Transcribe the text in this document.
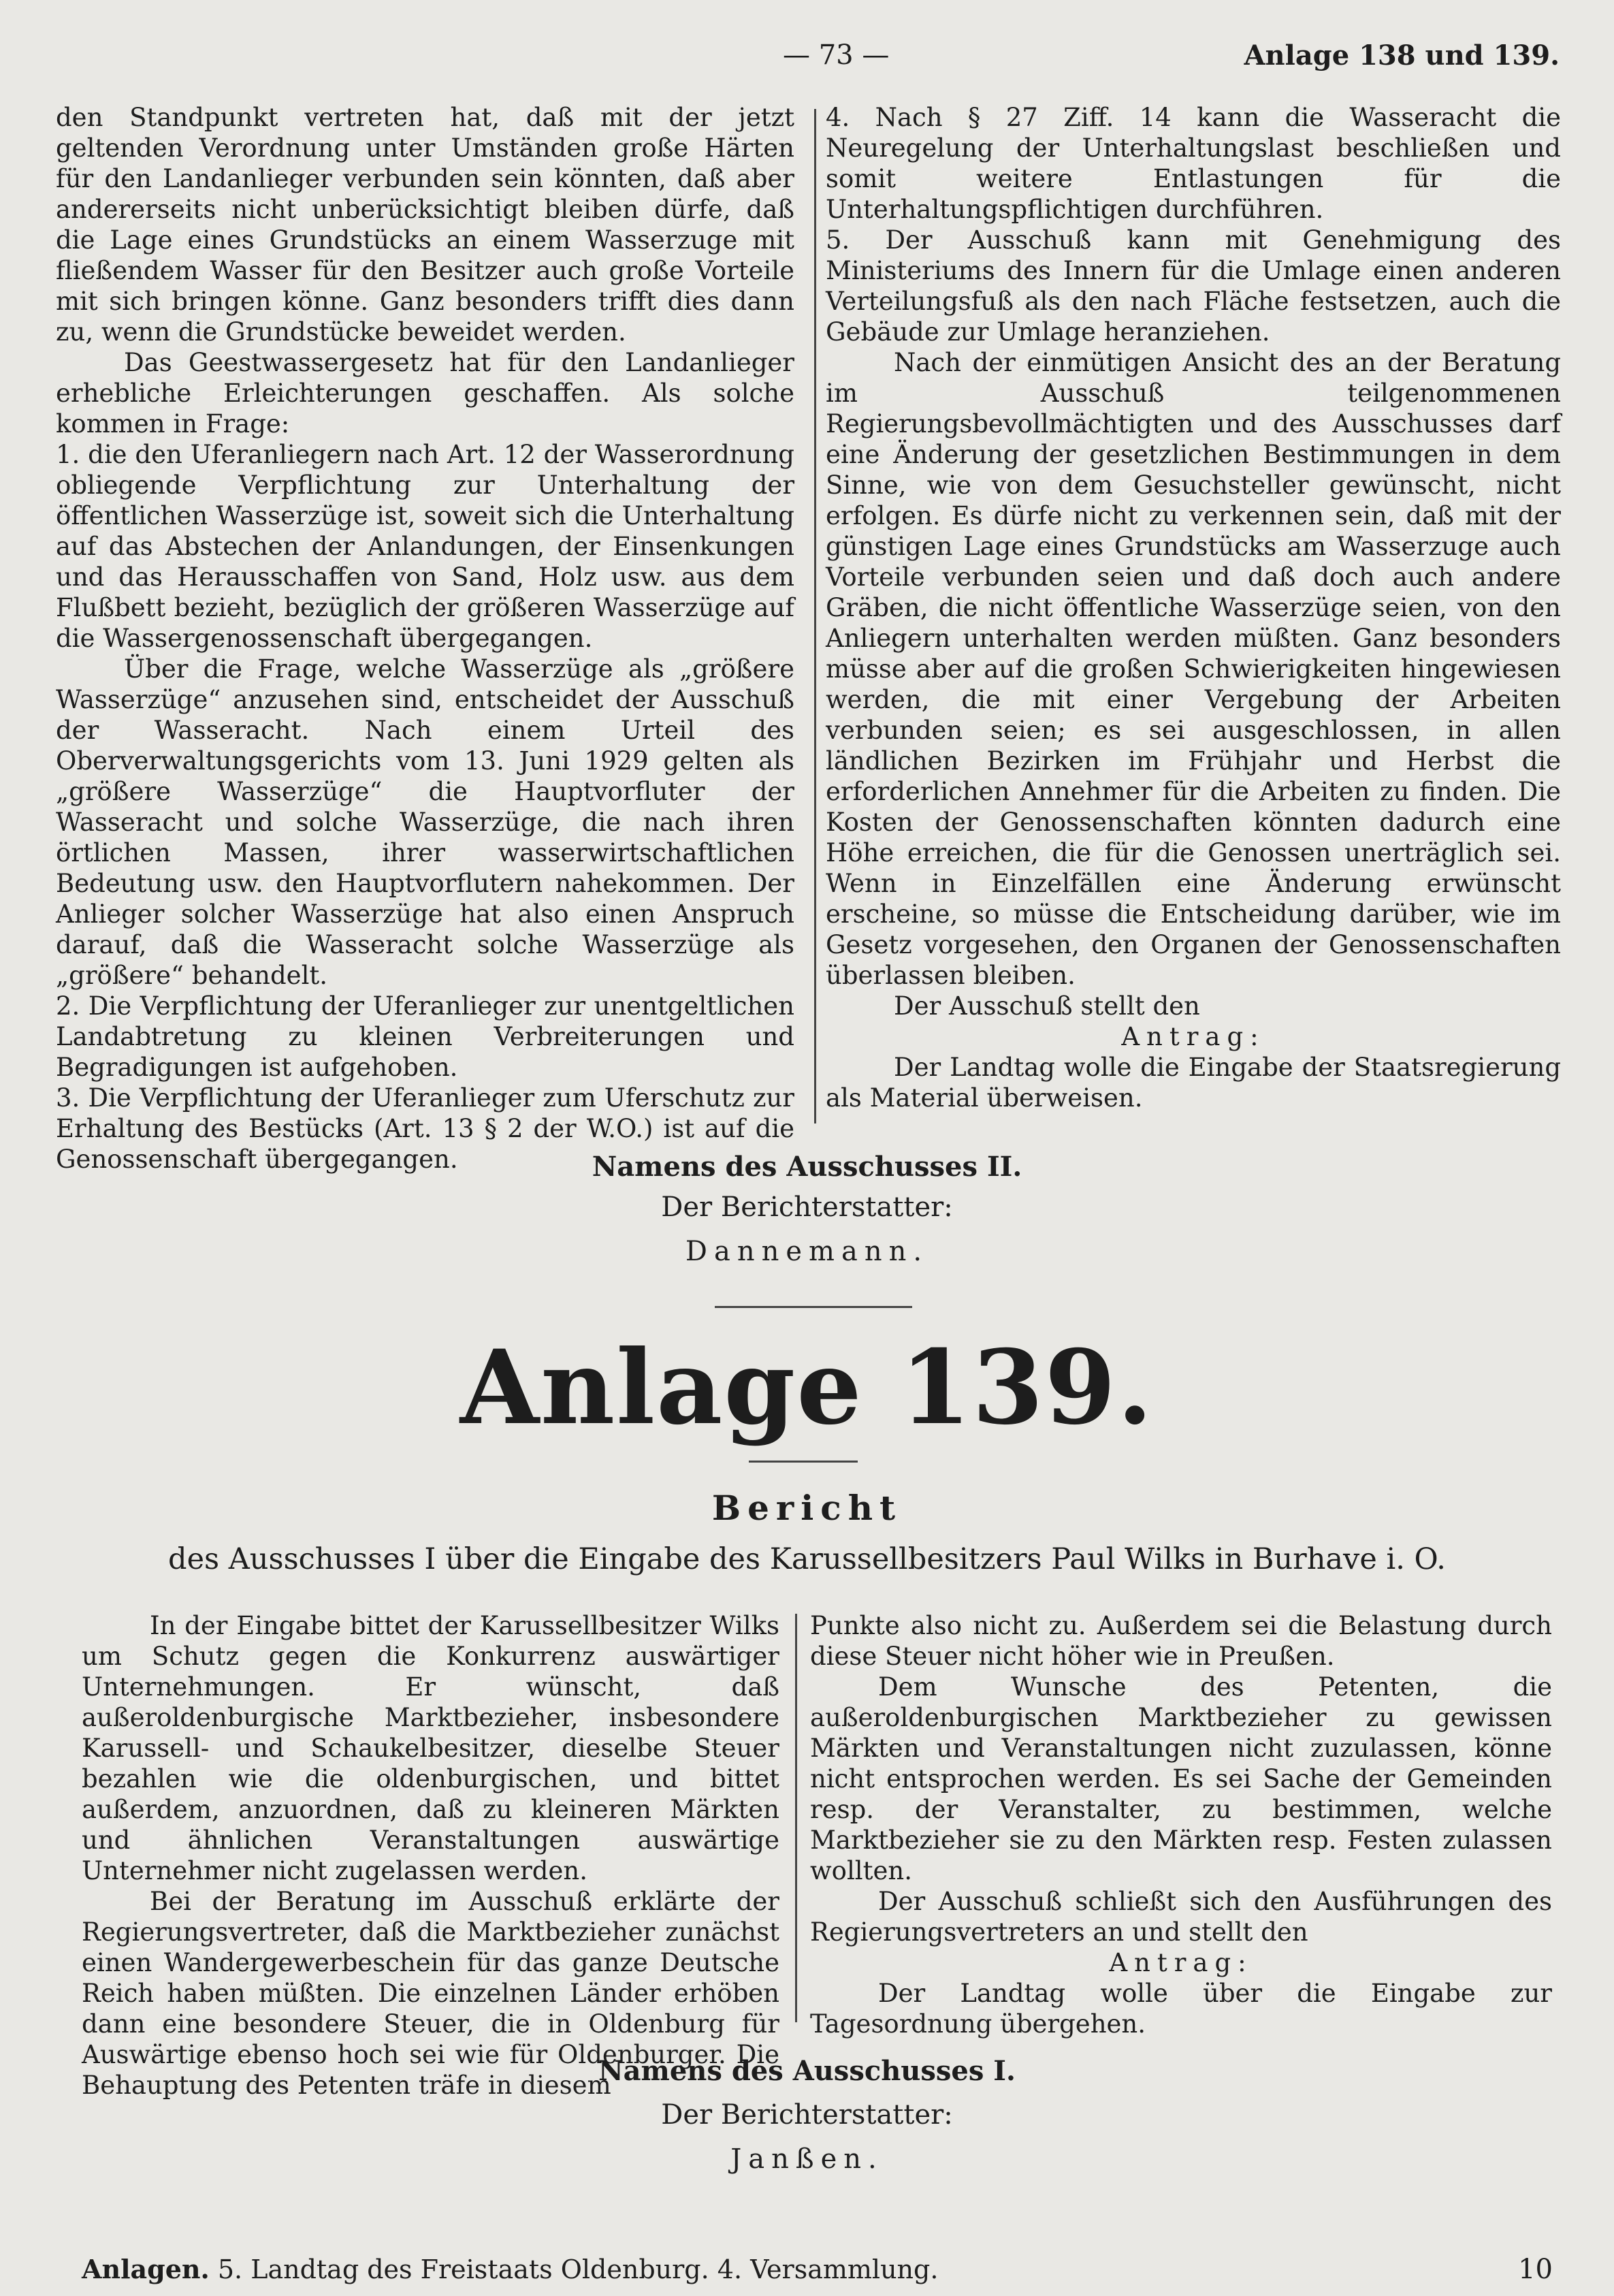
— 73 —	Anlage 138 und 139.

den Standpunkt vertreten hat, daß mit der jetzt geltenden Verordnung unter Umständen große Härten für den Landanlieger verbunden sein könnten, daß aber andererseits nicht unberücksichtigt bleiben dürfe, daß die Lage eines Grundstücks an einem Wasserzuge mit fließendem Wasser für den Besitzer auch große Vorteile mit sich bringen könne. Ganz besonders trifft dies dann zu, wenn die Grundstücke beweidet werden.

Das Geestwassergesetz hat für den Landanlieger erhebliche Erleichterungen geschaffen. Als solche kommen in Frage:

1. die den Uferanliegern nach Art. 12 der Wasserordnung obliegende Verpflichtung zur Unterhaltung der öffentlichen Wasserzüge ist, soweit sich die Unterhaltung auf das Abstechen der Anlandungen, der Einsenkungen und das Herausschaffen von Sand, Holz usw. aus dem Flußbett bezieht, bezüglich der größeren Wasserzüge auf die Wassergenossenschaft übergegangen.

Über die Frage, welche Wasserzüge als „größere Wasserzüge“ anzusehen sind, entscheidet der Ausschuß der Wasseracht. Nach einem Urteil des Oberverwaltungsgerichts vom 13. Juni 1929 gelten als „größere Wasserzüge“ die Hauptvorfluter der Wasseracht und solche Wasserzüge, die nach ihren örtlichen Massen, ihrer wasserwirtschaftlichen Bedeutung usw. den Hauptvorflutern nahekommen. Der Anlieger solcher Wasserzüge hat also einen Anspruch darauf, daß die Wasseracht solche Wasserzüge als „größere“ behandelt.

2. Die Verpflichtung der Uferanlieger zur unentgeltlichen Landabtretung zu kleinen Verbreiterungen und Begradigungen ist aufgehoben.

3. Die Verpflichtung der Uferanlieger zum Uferschutz zur Erhaltung des Bestücks (Art. 13 § 2 der W.O.) ist auf die Genossenschaft übergegangen.

4. Nach § 27 Ziff. 14 kann die Wasseracht die Neuregelung der Unterhaltungslast beschließen und somit weitere Entlastungen für die Unterhaltungspflichtigen durchführen.

5. Der Ausschuß kann mit Genehmigung des Ministeriums des Innern für die Umlage einen anderen Verteilungsfuß als den nach Fläche festsetzen, auch die Gebäude zur Umlage heranziehen.

Nach der einmütigen Ansicht des an der Beratung im Ausschuß teilgenommenen Regierungsbevollmächtigten und des Ausschusses darf eine Änderung der gesetzlichen Bestimmungen in dem Sinne, wie von dem Gesuchsteller gewünscht, nicht erfolgen. Es dürfe nicht zu verkennen sein, daß mit der günstigen Lage eines Grundstücks am Wasserzuge auch Vorteile verbunden seien und daß doch auch andere Gräben, die nicht öffentliche Wasserzüge seien, von den Anliegern unterhalten werden müßten. Ganz besonders müsse aber auf die großen Schwierigkeiten hingewiesen werden, die mit einer Vergebung der Arbeiten verbunden seien; es sei ausgeschlossen, in allen ländlichen Bezirken im Frühjahr und Herbst die erforderlichen Annehmer für die Arbeiten zu finden. Die Kosten der Genossenschaften könnten dadurch eine Höhe erreichen, die für die Genossen unerträglich sei. Wenn in Einzelfällen eine Änderung erwünscht erscheine, so müsse die Entscheidung darüber, wie im Gesetz vorgesehen, den Organen der Genossenschaften überlassen bleiben.

Der Ausschuß stellt den

Antrag:

Der Landtag wolle die Eingabe der Staatsregierung als Material überweisen.

Namens des Ausschusses II.
Der Berichterstatter:
Dannemann.
Anlage 139.
Bericht
des Ausschusses I über die Eingabe des Karussellbesitzers Paul Wilks in Burhave i. O.

In der Eingabe bittet der Karussellbesitzer Wilks um Schutz gegen die Konkurrenz auswärtiger Unternehmungen. Er wünscht, daß außeroldenburgische Marktbezieher, insbesondere Karussell- und Schaukelbesitzer, dieselbe Steuer bezahlen wie die oldenburgischen, und bittet außerdem, anzuordnen, daß zu kleineren Märkten und ähnlichen Veranstaltungen auswärtige Unternehmer nicht zugelassen werden.

Bei der Beratung im Ausschuß erklärte der Regierungsvertreter, daß die Marktbezieher zunächst einen Wandergewerbeschein für das ganze Deutsche Reich haben müßten. Die einzelnen Länder erhöben dann eine besondere Steuer, die in Oldenburg für Auswärtige ebenso hoch sei wie für Oldenburger. Die Behauptung des Petenten träfe in diesem

Punkte also nicht zu. Außerdem sei die Belastung durch diese Steuer nicht höher wie in Preußen.

Dem Wunsche des Petenten, die außeroldenburgischen Marktbezieher zu gewissen Märkten und Veranstaltungen nicht zuzulassen, könne nicht entsprochen werden. Es sei Sache der Gemeinden resp. der Veranstalter, zu bestimmen, welche Marktbezieher sie zu den Märkten resp. Festen zulassen wollten.

Der Ausschuß schließt sich den Ausführungen des Regierungsvertreters an und stellt den

Antrag:

Der Landtag wolle über die Eingabe zur Tagesordnung übergehen.

Namens des Ausschusses I.
Der Berichterstatter:
Janßen.
Anlagen. 5. Landtag des Freistaats Oldenburg. 4. Versammlung.	10
